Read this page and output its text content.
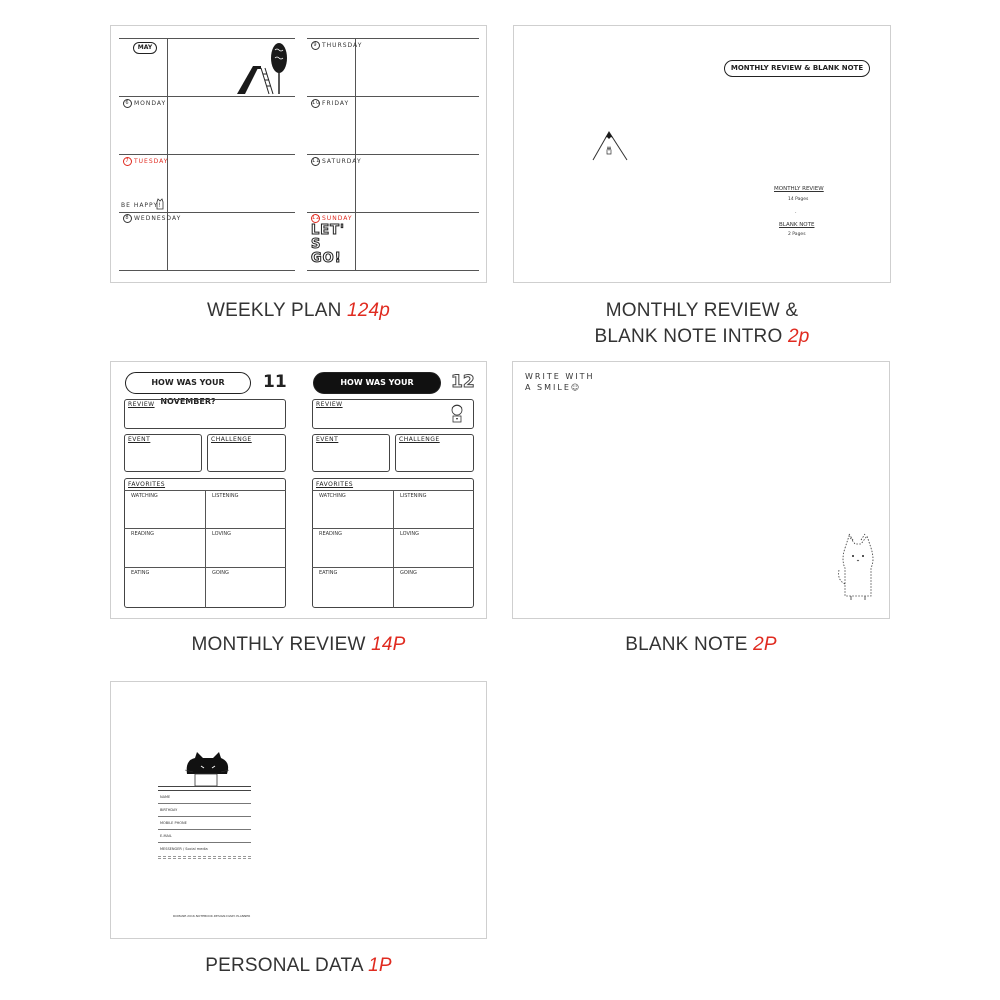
MAY
6 MONDAY
7 TUESDAY
8 WEDNESDAY
BE HAPPY!
9 THURSDAY
10 FRIDAY
11 SATURDAY
12 SUNDAY
LET'S GO!
WEEKLY PLAN 124p
MONTHLY REVIEW & BLANK NOTE
MONTHLY REVIEW
14 Pages
·
BLANK NOTE
2 Pages
MONTHLY REVIEW &
BLANK NOTE INTRO 2p
HOW WAS YOUR NOVEMBER?
11
REVIEW
EVENT	CHALLENGE
FAVORITES
WATCHING	LISTENING
READING	LOVING
EATING	GOING
HOW WAS YOUR DECEMBER?
12
REVIEW
EVENT	CHALLENGE
FAVORITES
WATCHING	LISTENING
READING	LOVING
EATING	GOING
MONTHLY REVIEW 14P
WRITE WITH
A SMILE☺
BLANK NOTE 2P
NAME
BIRTHDAY
MOBILE PHONE
E-MAIL
MESSENGER / Social media
ROMANE·2016·NOTEBOOK·DESIGN·DIARY·PLANNER
PERSONAL DATA 1P
